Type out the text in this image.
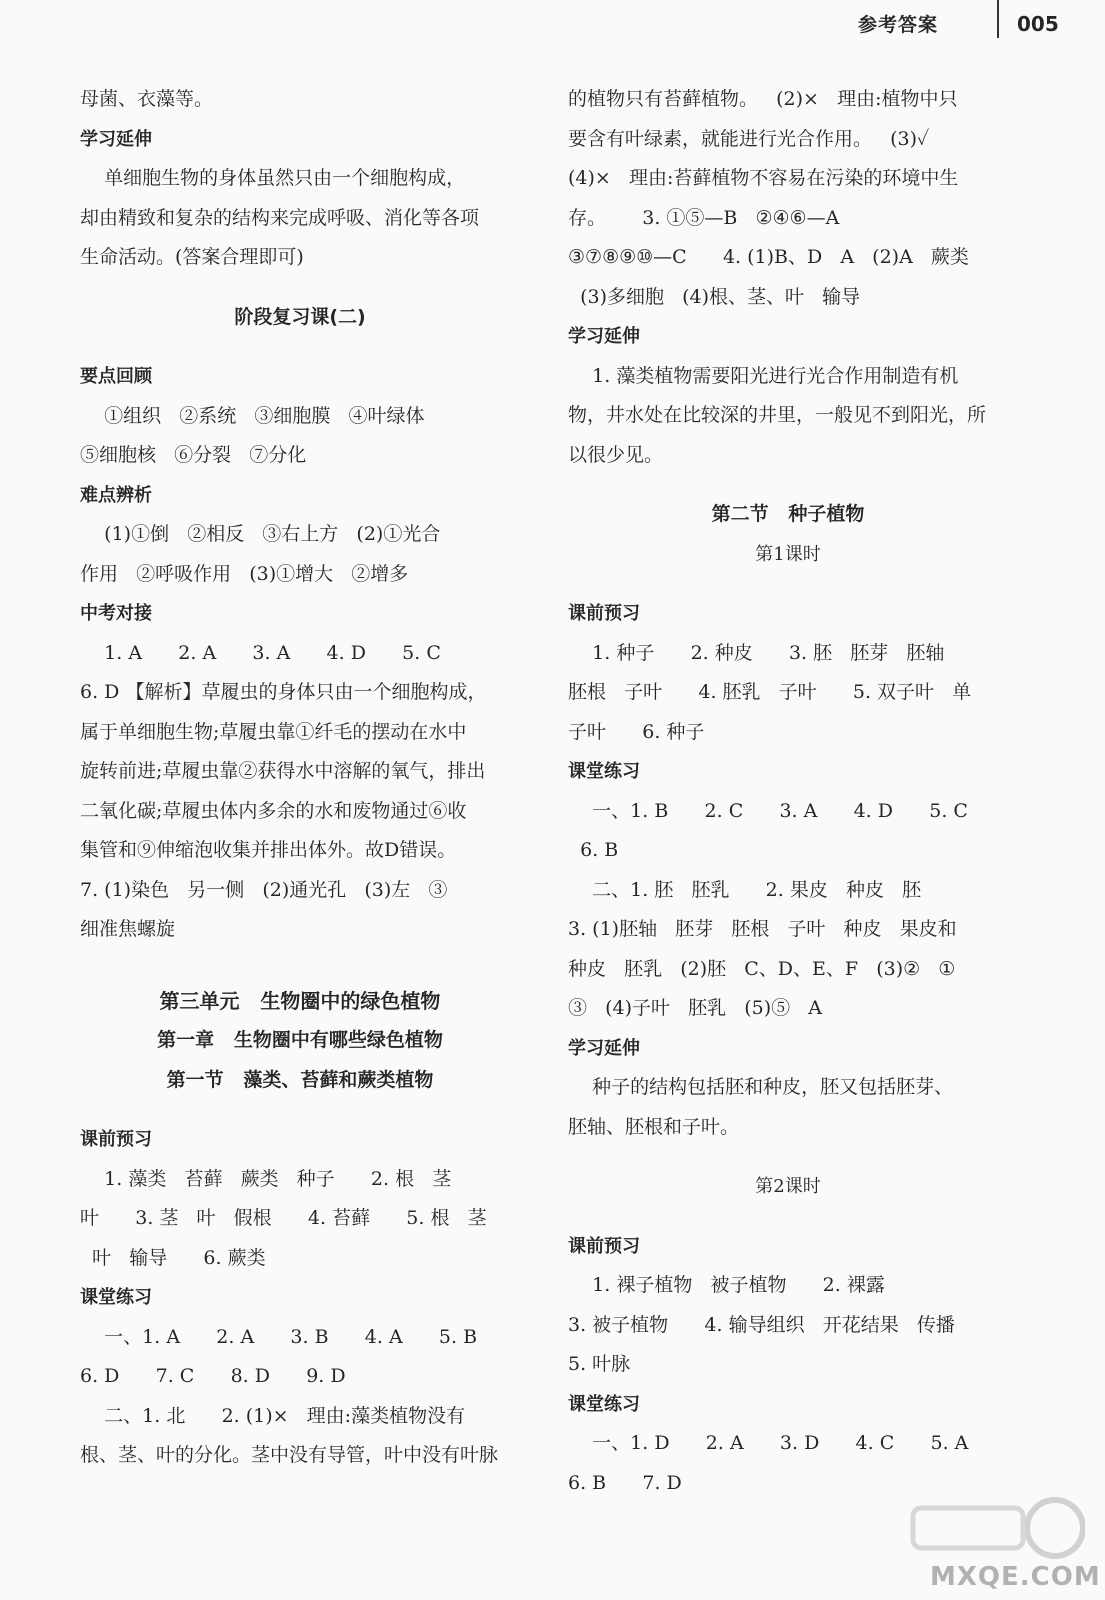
参考答案	005
母菌、衣藻等。
学习延伸
单细胞生物的身体虽然只由一个细胞构成，
却由精致和复杂的结构来完成呼吸、消化等各项
生命活动。(答案合理即可)
阶段复习课(二)
要点回顾
①组织   ②系统   ③细胞膜   ④叶绿体
⑤细胞核   ⑥分裂   ⑦分化
难点辨析
(1)①倒   ②相反   ③右上方   (2)①光合
作用   ②呼吸作用   (3)①增大   ②增多
中考对接
1. A      2. A      3. A      4. D      5. C
6. D 【解析】草履虫的身体只由一个细胞构成，
属于单细胞生物;草履虫靠①纤毛的摆动在水中
旋转前进;草履虫靠②获得水中溶解的氧气，排出
二氧化碳;草履虫体内多余的水和废物通过⑥收
集管和⑨伸缩泡收集并排出体外。故D错误。
7. (1)染色   另一侧   (2)通光孔   (3)左   ③
细准焦螺旋
第三单元   生物圈中的绿色植物
第一章   生物圈中有哪些绿色植物
第一节   藻类、苔藓和蕨类植物
课前预习
1. 藻类   苔藓   蕨类   种子      2. 根   茎
叶      3. 茎   叶   假根      4. 苔藓      5. 根   茎
叶   输导      6. 蕨类
课堂练习
一、1. A      2. A      3. B      4. A      5. B
6. D      7. C      8. D      9. D
二、1. 北      2. (1)×   理由:藻类植物没有
根、茎、叶的分化。茎中没有导管，叶中没有叶脉
的植物只有苔藓植物。   (2)×   理由:植物中只
要含有叶绿素，就能进行光合作用。   (3)✓
(4)×   理由:苔藓植物不容易在污染的环境中生
存。      3. ①⑤—B   ②④⑥—A
③⑦⑧⑨⑩—C      4. (1)B、D   A   (2)A   蕨类
(3)多细胞   (4)根、茎、叶   输导
学习延伸
1. 藻类植物需要阳光进行光合作用制造有机
物，井水处在比较深的井里，一般见不到阳光，所
以很少见。
第二节   种子植物
第1课时
课前预习
1. 种子      2. 种皮      3. 胚   胚芽   胚轴
胚根   子叶      4. 胚乳   子叶      5. 双子叶   单
子叶      6. 种子
课堂练习
一、1. B      2. C      3. A      4. D      5. C
6. B
二、1. 胚   胚乳      2. 果皮   种皮   胚
3. (1)胚轴   胚芽   胚根   子叶   种皮   果皮和
种皮   胚乳   (2)胚   C、D、E、F   (3)②   ①
③   (4)子叶   胚乳   (5)⑤   A
学习延伸
种子的结构包括胚和种皮，胚又包括胚芽、
胚轴、胚根和子叶。
第2课时
课前预习
1. 裸子植物   被子植物      2. 裸露
3. 被子植物      4. 输导组织   开花结果   传播
5. 叶脉
课堂练习
一、1. D      2. A      3. D      4. C      5. A
6. B      7. D
MXQE.COM
